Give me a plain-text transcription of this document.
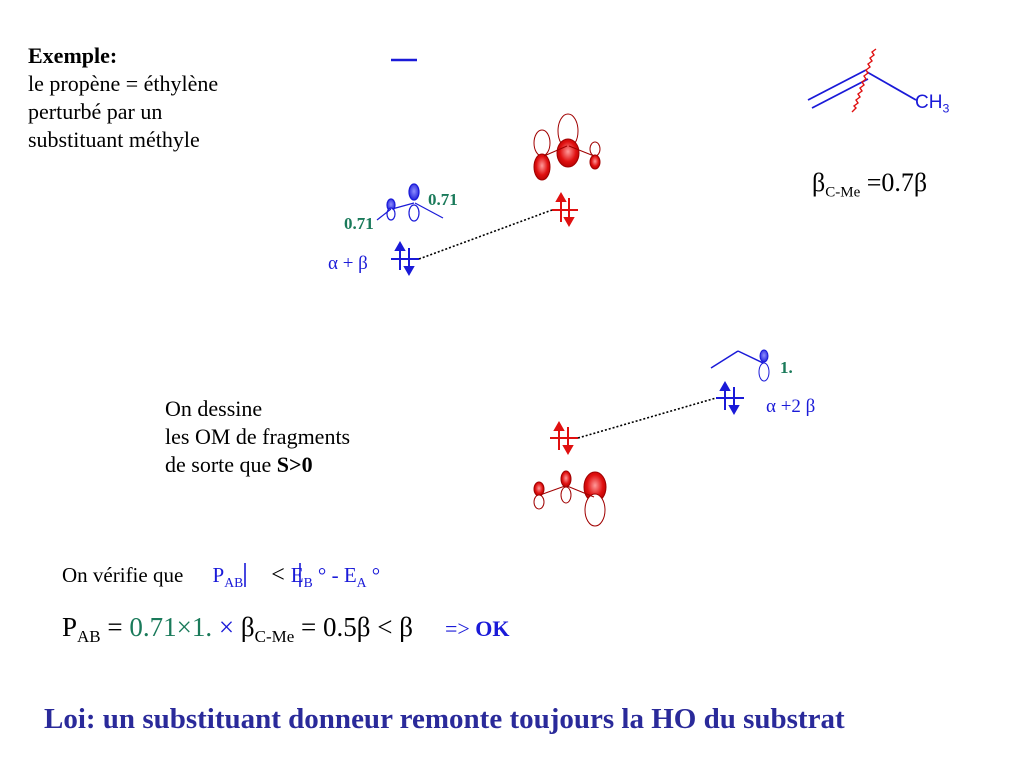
Exemple:
le propène = éthylène
perturbé par un
substituant méthyle
$CH_3$
$\beta_{C-Me} =0.7\beta$
0.71
0.71
α + β
1.
α +2 β
On dessine
les OM de fragments
de sorte que S>0
On vérifie que $P_{AB} < E_B$ ° - $E_A$ °
$P_{AB} = 0.71\times 1$. × $\beta_{C-Me} = 0.5\beta < \beta$ => OK
Loi: un substituant donneur remonte toujours la HO du substrat
